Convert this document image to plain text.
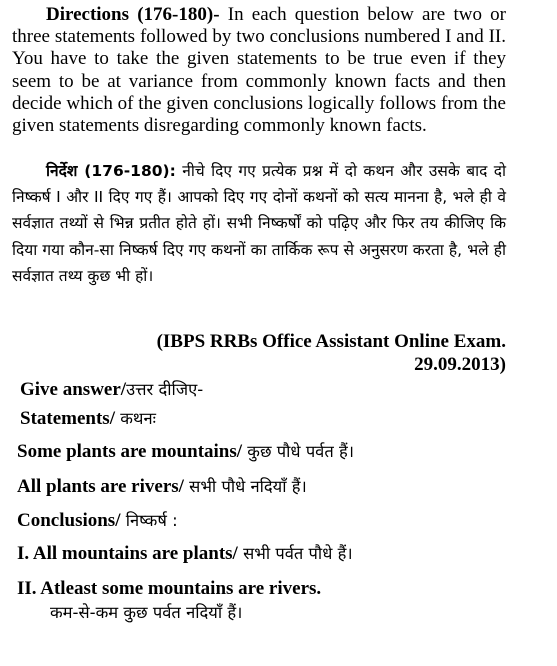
Directions (176-180)- In each question below are two or three statements followed by two conclusions numbered I and II. You have to take the given statements to be true even if they seem to be at variance from commonly known facts and then decide which of the given conclusions logically follows from the given statements disregarding commonly known facts.
निर्देश (176-180): नीचे दिए गए प्रत्येक प्रश्न में दो कथन और उसके बाद दो निष्कर्ष I और II दिए गए हैं। आपको दिए गए दोनों कथनों को सत्य मानना है, भले ही वे सर्वज्ञात तथ्यों से भिन्न प्रतीत होते हों। सभी निष्कर्षों को पढ़िए और फिर तय कीजिए कि दिया गया कौन-सा निष्कर्ष दिए गए कथनों का तार्किक रूप से अनुसरण करता है, भले ही सर्वज्ञात तथ्य कुछ भी हों।
(IBPS RRBs Office Assistant Online Exam.
29.09.2013)
Give answer/उत्तर दीजिए-
Statements/ कथनः
Some plants are mountains/ कुछ पौधे पर्वत हैं।
All plants are rivers/ सभी पौधे नदियाँ हैं।
Conclusions/ निष्कर्ष :
I. All mountains are plants/ सभी पर्वत पौधे हैं।
II. Atleast some mountains are rivers.
कम-से-कम कुछ पर्वत नदियाँ हैं।
